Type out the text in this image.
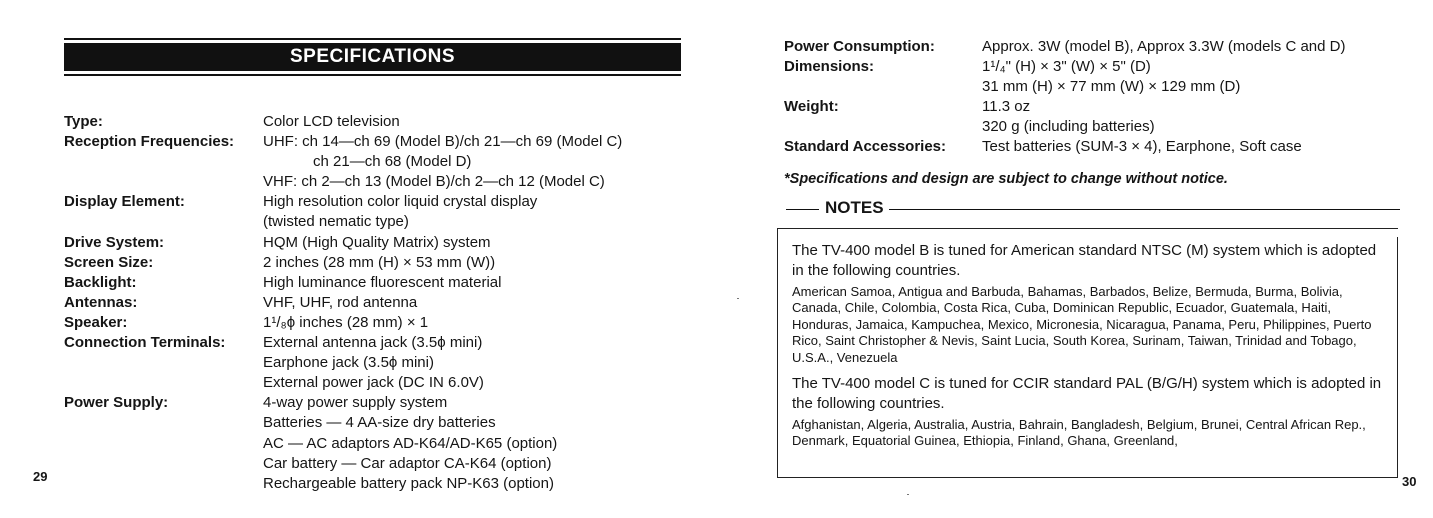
SPECIFICATIONS
Type:	Color LCD television
Reception Frequencies:	UHF: ch 14—ch 69 (Model B)/ch 21—ch 69 (Model C)
ch 21—ch 68 (Model D)
VHF: ch 2—ch 13 (Model B)/ch 2—ch 12 (Model C)
Display Element:	High resolution color liquid crystal display
(twisted nematic type)
Drive System:	HQM (High Quality Matrix) system
Screen Size:	2 inches (28 mm (H) × 53 mm (W))
Backlight:	High luminance fluorescent material
Antennas:	VHF, UHF, rod antenna
Speaker:	1¹/₈ϕ inches (28 mm) × 1
Connection Terminals:	External antenna jack (3.5ϕ mini)
Earphone jack (3.5ϕ mini)
External power jack (DC IN 6.0V)
Power Supply:	4-way power supply system
Batteries — 4 AA-size dry batteries
AC — AC adaptors AD-K64/AD-K65 (option)
Car battery — Car adaptor CA-K64 (option)
Rechargeable battery pack NP-K63 (option)
29
Power Consumption:	Approx. 3W (model B), Approx 3.3W (models C and D)
Dimensions:	1¹/₄" (H) × 3" (W) × 5" (D)
31 mm (H) × 77 mm (W) × 129 mm (D)
Weight:	11.3 oz
320 g (including batteries)
Standard Accessories:	Test batteries (SUM-3 × 4), Earphone, Soft case
*Specifications and design are subject to change without notice.
NOTES

The TV-400 model B is tuned for American standard NTSC (M) system which is adopted in the following countries.

American Samoa, Antigua and Barbuda, Bahamas, Barbados, Belize, Bermuda, Burma, Bolivia, Canada, Chile, Colombia, Costa Rica, Cuba, Dominican Republic, Ecuador, Guatemala, Haiti, Honduras, Jamaica, Kampuchea, Mexico, Micronesia, Nicaragua, Panama, Peru, Philippines, Puerto Rico, Saint Christopher & Nevis, Saint Lucia, South Korea, Surinam, Taiwan, Trinidad and Tobago, U.S.A., Venezuela

The TV-400 model C is tuned for CCIR standard PAL (B/G/H) system which is adopted in the following countries.

Afghanistan, Algeria, Australia, Austria, Bahrain, Bangladesh, Belgium, Brunei, Central African Rep., Denmark, Equatorial Guinea, Ethiopia, Finland, Ghana, Greenland,

30
